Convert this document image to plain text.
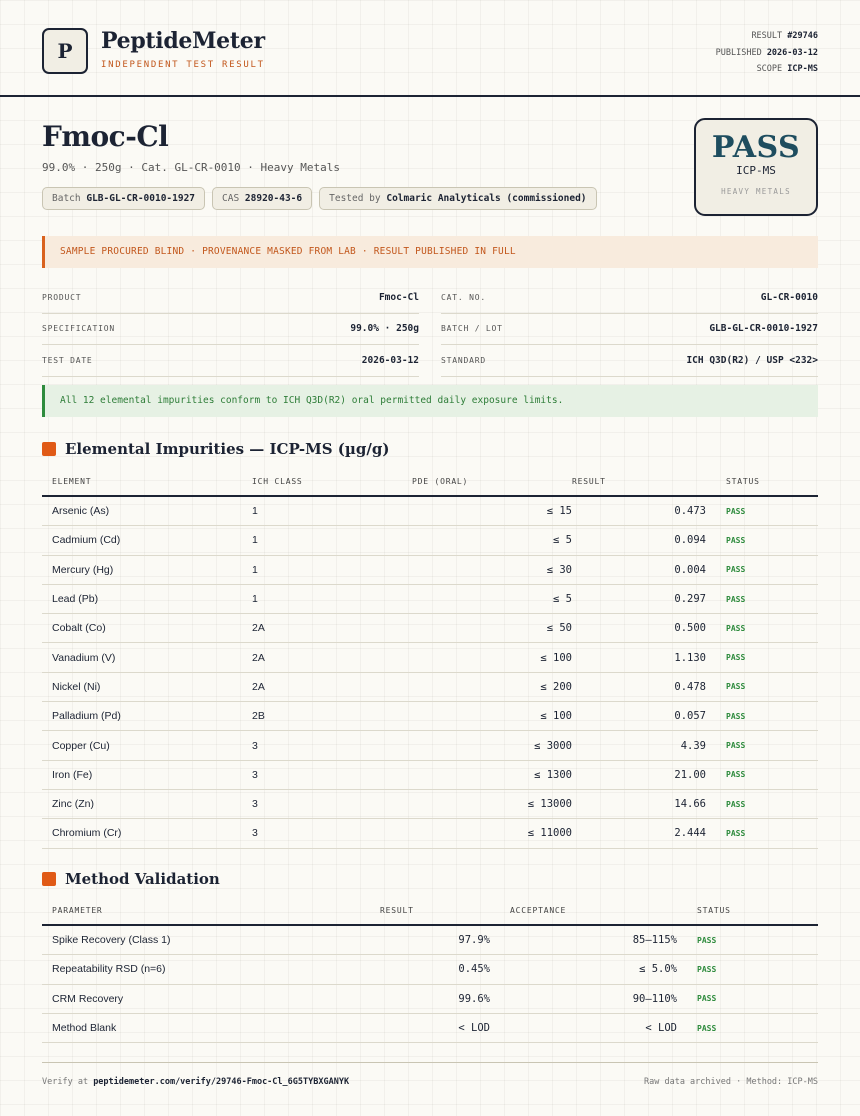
P	PeptideMeter
INDEPENDENT TEST RESULT
RESULT #29746
PUBLISHED 2026-03-12
SCOPE ICP-MS
Fmoc-Cl
99.0% · 250g · Cat. GL-CR-0010 · Heavy Metals
Batch GLB-GL-CR-0010-1927	CAS 28920-43-6	Tested by Colmaric Analyticals (commissioned)
PASS
ICP-MS
HEAVY METALS
SAMPLE PROCURED BLIND · PROVENANCE MASKED FROM LAB · RESULT PUBLISHED IN FULL
PRODUCT	Fmoc-Cl
SPECIFICATION	99.0% · 250g
TEST DATE	2026-03-12
CAT. NO.	GL-CR-0010
BATCH / LOT	GLB-GL-CR-0010-1927
STANDARD	ICH Q3D(R2) / USP <232>
All 12 elemental impurities conform to ICH Q3D(R2) oral permitted daily exposure limits.
Elemental Impurities — ICP-MS (µg/g)
ELEMENT	ICH CLASS	PDE (ORAL)	RESULT	STATUS
Arsenic (As)	1	≤ 15	0.473	PASS
Cadmium (Cd)	1	≤ 5	0.094	PASS
Mercury (Hg)	1	≤ 30	0.004	PASS
Lead (Pb)	1	≤ 5	0.297	PASS
Cobalt (Co)	2A	≤ 50	0.500	PASS
Vanadium (V)	2A	≤ 100	1.130	PASS
Nickel (Ni)	2A	≤ 200	0.478	PASS
Palladium (Pd)	2B	≤ 100	0.057	PASS
Copper (Cu)	3	≤ 3000	4.39	PASS
Iron (Fe)	3	≤ 1300	21.00	PASS
Zinc (Zn)	3	≤ 13000	14.66	PASS
Chromium (Cr)	3	≤ 11000	2.444	PASS
Method Validation
PARAMETER	RESULT	ACCEPTANCE	STATUS
Spike Recovery (Class 1)	97.9%	85–115%	PASS
Repeatability RSD (n=6)	0.45%	≤ 5.0%	PASS
CRM Recovery	99.6%	90–110%	PASS
Method Blank	< LOD	< LOD	PASS
Verify at peptidemeter.com/verify/29746-Fmoc-Cl_6G5TYBXGANYK	Raw data archived · Method: ICP-MS
